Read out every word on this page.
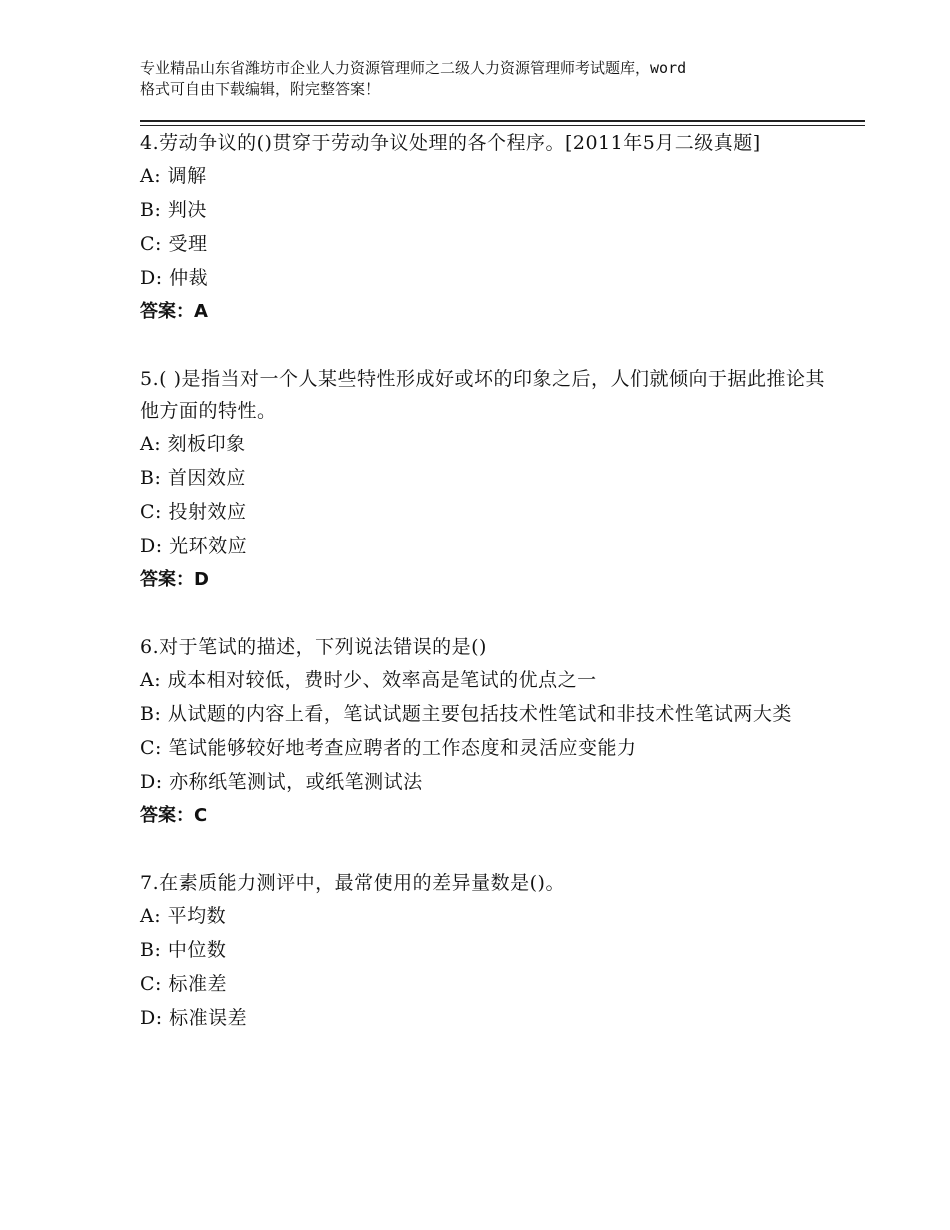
专业精品山东省潍坊市企业人力资源管理师之二级人力资源管理师考试题库，word
格式可自由下载编辑，附完整答案！

4.劳动争议的()贯穿于劳动争议处理的各个程序。[2011年5月二级真题]

A: 调解

B: 判决

C: 受理

D: 仲裁

答案：A

5.( )是指当对一个人某些特性形成好或坏的印象之后，人们就倾向于据此推论其他方面的特性。

A: 刻板印象

B: 首因效应

C: 投射效应

D: 光环效应

答案：D

6.对于笔试的描述，下列说法错误的是()

A: 成本相对较低，费时少、效率高是笔试的优点之一

B: 从试题的内容上看，笔试试题主要包括技术性笔试和非技术性笔试两大类

C: 笔试能够较好地考查应聘者的工作态度和灵活应变能力

D: 亦称纸笔测试，或纸笔测试法

答案：C

7.在素质能力测评中，最常使用的差异量数是()。

A: 平均数

B: 中位数

C: 标准差

D: 标准误差
